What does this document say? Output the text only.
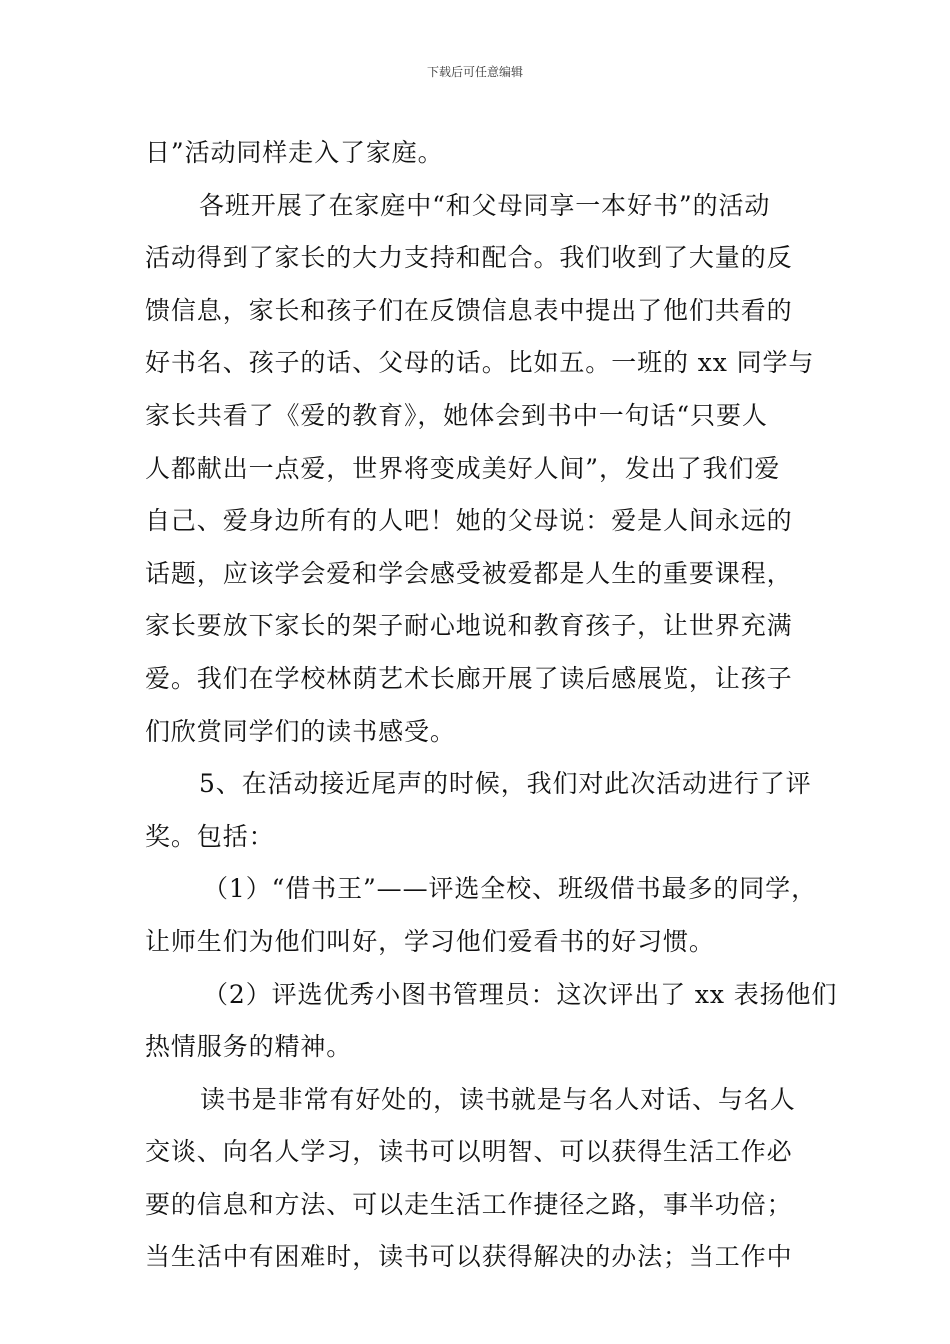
下载后可任意编辑
日”活动同样走入了家庭。
各班开展了在家庭中“和父母同享一本好书”的活动
活动得到了家长的大力支持和配合。我们收到了大量的反
馈信息，家长和孩子们在反馈信息表中提出了他们共看的
好书名、孩子的话、父母的话。比如五。一班的 xx 同学与
家长共看了《爱的教育》，她体会到书中一句话“只要人
人都献出一点爱，世界将变成美好人间”，发出了我们爱
自己、爱身边所有的人吧！她的父母说：爱是人间永远的
话题，应该学会爱和学会感受被爱都是人生的重要课程，
家长要放下家长的架子耐心地说和教育孩子，让世界充满
爱。我们在学校林荫艺术长廊开展了读后感展览，让孩子
们欣赏同学们的读书感受。
5、在活动接近尾声的时候，我们对此次活动进行了评
奖。包括：
（1）“借书王”——评选全校、班级借书最多的同学，
让师生们为他们叫好，学习他们爱看书的好习惯。
（2）评选优秀小图书管理员：这次评出了 xx 表扬他们
热情服务的精神。
读书是非常有好处的，读书就是与名人对话、与名人
交谈、向名人学习，读书可以明智、可以获得生活工作必
要的信息和方法、可以走生活工作捷径之路，事半功倍；
当生活中有困难时，读书可以获得解决的办法；当工作中
